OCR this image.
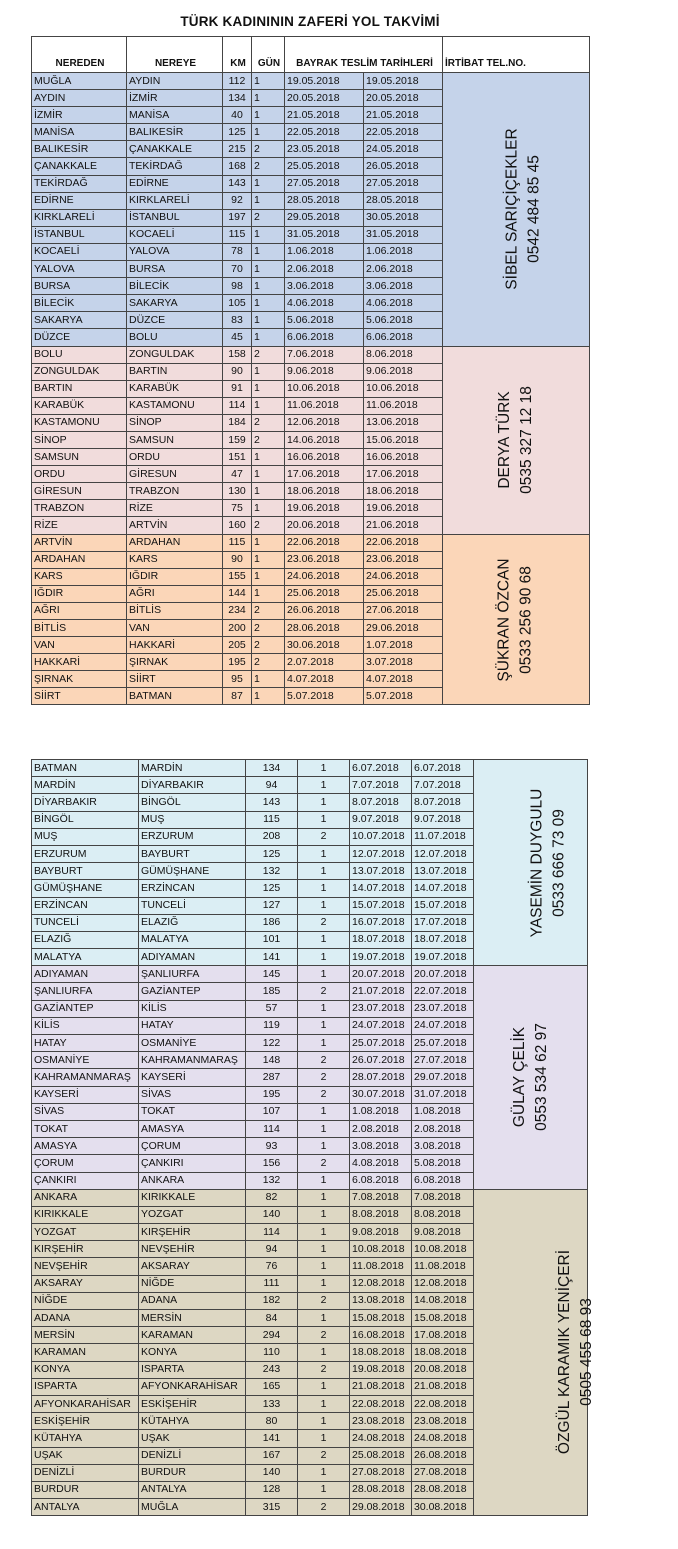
TÜRK KADINININ ZAFERİ YOL TAKVİMİ
NEREDEN	NEREYE	KM	GÜN	BAYRAK TESLİM TARİHLERİ		İRTİBAT TEL.NO.
MUĞLA	AYDIN	112	1	19.05.2018	19.05.2018	SİBEL SARIÇİÇEKLER 0542 484 85 45

AYDIN	İZMİR	134	1	20.05.2018	20.05.2018	
İZMİR	MANİSA	40	1	21.05.2018	21.05.2018	
MANİSA	BALIKESİR	125	1	22.05.2018	22.05.2018	
BALIKESİR	ÇANAKKALE	215	2	23.05.2018	24.05.2018	
ÇANAKKALE	TEKİRDAĞ	168	2	25.05.2018	26.05.2018	
TEKİRDAĞ	EDİRNE	143	1	27.05.2018	27.05.2018	
EDİRNE	KIRKLARELİ	92	1	28.05.2018	28.05.2018	
KIRKLARELİ	İSTANBUL	197	2	29.05.2018	30.05.2018	
İSTANBUL	KOCAELİ	115	1	31.05.2018	31.05.2018	
KOCAELİ	YALOVA	78	1	1.06.2018	1.06.2018	
YALOVA	BURSA	70	1	2.06.2018	2.06.2018	
BURSA	BİLECİK	98	1	3.06.2018	3.06.2018	
BİLECİK	SAKARYA	105	1	4.06.2018	4.06.2018	
SAKARYA	DÜZCE	83	1	5.06.2018	5.06.2018	
DÜZCE	BOLU	45	1	6.06.2018	6.06.2018	
BOLU	ZONGULDAK	158	2	7.06.2018	8.06.2018	DERYA TÜRK 0535 327 12 18

ZONGULDAK	BARTIN	90	1	9.06.2018	9.06.2018	
BARTIN	KARABÜK	91	1	10.06.2018	10.06.2018	
KARABÜK	KASTAMONU	114	1	11.06.2018	11.06.2018	
KASTAMONU	SİNOP	184	2	12.06.2018	13.06.2018	
SİNOP	SAMSUN	159	2	14.06.2018	15.06.2018	
SAMSUN	ORDU	151	1	16.06.2018	16.06.2018	
ORDU	GİRESUN	47	1	17.06.2018	17.06.2018	
GİRESUN	TRABZON	130	1	18.06.2018	18.06.2018	
TRABZON	RİZE	75	1	19.06.2018	19.06.2018	
RİZE	ARTVİN	160	2	20.06.2018	21.06.2018	
ARTVİN	ARDAHAN	115	1	22.06.2018	22.06.2018	ŞÜKRAN ÖZCAN 0533 256 90 68

ARDAHAN	KARS	90	1	23.06.2018	23.06.2018	
KARS	IĞDIR	155	1	24.06.2018	24.06.2018	
IĞDIR	AĞRI	144	1	25.06.2018	25.06.2018	
AĞRI	BİTLİS	234	2	26.06.2018	27.06.2018	
BİTLİS	VAN	200	2	28.06.2018	29.06.2018	
VAN	HAKKARİ	205	2	30.06.2018	1.07.2018	
HAKKARİ	ŞIRNAK	195	2	2.07.2018	3.07.2018	
ŞIRNAK	SİİRT	95	1	4.07.2018	4.07.2018	
SİİRT	BATMAN	87	1	5.07.2018	5.07.2018	
BATMAN	MARDİN	134	1	6.07.2018	6.07.2018	YASEMİN DUYGULU 0533 666 73 09

MARDİN	DİYARBAKIR	94	1	7.07.2018	7.07.2018	
DİYARBAKIR	BİNGÖL	143	1	8.07.2018	8.07.2018	
BİNGÖL	MUŞ	115	1	9.07.2018	9.07.2018	
MUŞ	ERZURUM	208	2	10.07.2018	11.07.2018	
ERZURUM	BAYBURT	125	1	12.07.2018	12.07.2018	
BAYBURT	GÜMÜŞHANE	132	1	13.07.2018	13.07.2018	
GÜMÜŞHANE	ERZİNCAN	125	1	14.07.2018	14.07.2018	
ERZİNCAN	TUNCELİ	127	1	15.07.2018	15.07.2018	
TUNCELİ	ELAZIĞ	186	2	16.07.2018	17.07.2018	
ELAZIĞ	MALATYA	101	1	18.07.2018	18.07.2018	
MALATYA	ADIYAMAN	141	1	19.07.2018	19.07.2018	
ADIYAMAN	ŞANLIURFA	145	1	20.07.2018	20.07.2018	GÜLAY ÇELİK 0553 534 62 97

ŞANLIURFA	GAZİANTEP	185	2	21.07.2018	22.07.2018	
GAZİANTEP	KİLİS	57	1	23.07.2018	23.07.2018	
KİLİS	HATAY	119	1	24.07.2018	24.07.2018	
HATAY	OSMANİYE	122	1	25.07.2018	25.07.2018	
OSMANİYE	KAHRAMANMARAŞ	148	2	26.07.2018	27.07.2018	
KAHRAMANMARAŞ	KAYSERİ	287	2	28.07.2018	29.07.2018	
KAYSERİ	SİVAS	195	2	30.07.2018	31.07.2018	
SİVAS	TOKAT	107	1	1.08.2018	1.08.2018	
TOKAT	AMASYA	114	1	2.08.2018	2.08.2018	
AMASYA	ÇORUM	93	1	3.08.2018	3.08.2018	
ÇORUM	ÇANKIRI	156	2	4.08.2018	5.08.2018	
ÇANKIRI	ANKARA	132	1	6.08.2018	6.08.2018	
ANKARA	KIRIKKALE	82	1	7.08.2018	7.08.2018	ÖZGÜL KARAMIK YENİÇERİ 0505 455 68 93

KIRIKKALE	YOZGAT	140	1	8.08.2018	8.08.2018	
YOZGAT	KIRŞEHİR	114	1	9.08.2018	9.08.2018	
KIRŞEHİR	NEVŞEHİR	94	1	10.08.2018	10.08.2018	
NEVŞEHİR	AKSARAY	76	1	11.08.2018	11.08.2018	
AKSARAY	NİĞDE	111	1	12.08.2018	12.08.2018	
NİĞDE	ADANA	182	2	13.08.2018	14.08.2018	
ADANA	MERSİN	84	1	15.08.2018	15.08.2018	
MERSİN	KARAMAN	294	2	16.08.2018	17.08.2018	
KARAMAN	KONYA	110	1	18.08.2018	18.08.2018	
KONYA	ISPARTA	243	2	19.08.2018	20.08.2018	
ISPARTA	AFYONKARAHİSAR	165	1	21.08.2018	21.08.2018	
AFYONKARAHİSAR	ESKİŞEHİR	133	1	22.08.2018	22.08.2018	
ESKİŞEHİR	KÜTAHYA	80	1	23.08.2018	23.08.2018	
KÜTAHYA	UŞAK	141	1	24.08.2018	24.08.2018	
UŞAK	DENİZLİ	167	2	25.08.2018	26.08.2018	
DENİZLİ	BURDUR	140	1	27.08.2018	27.08.2018	
BURDUR	ANTALYA	128	1	28.08.2018	28.08.2018	
ANTALYA	MUĞLA	315	2	29.08.2018	30.08.2018	
